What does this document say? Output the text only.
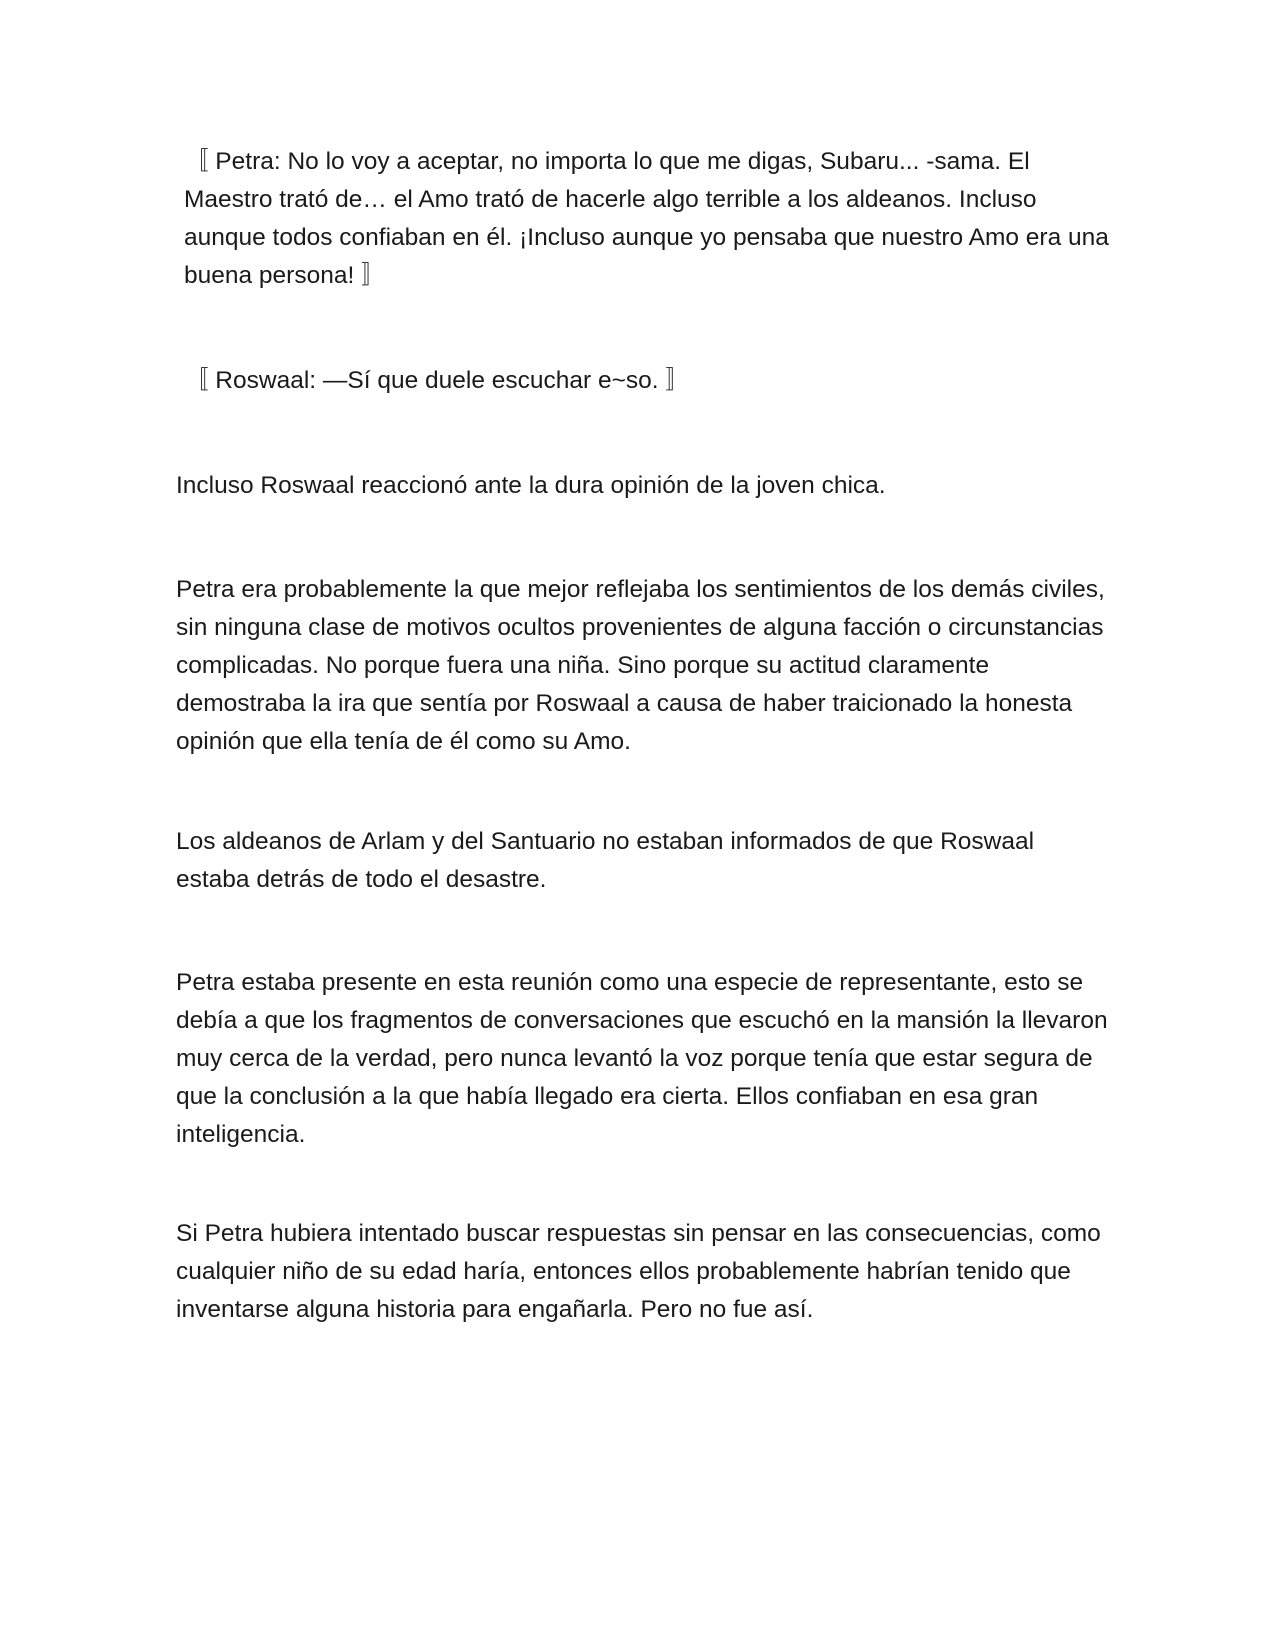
〚 Petra: No lo voy a aceptar, no importa lo que me digas, Subaru... -sama. El Maestro trató de… el Amo trató de hacerle algo terrible a los aldeanos. Incluso aunque todos confiaban en él. ¡Incluso aunque yo pensaba que nuestro Amo era una buena persona! 〛

〚 Roswaal: —Sí que duele escuchar e~so. 〛

Incluso Roswaal reaccionó ante la dura opinión de la joven chica.

Petra era probablemente la que mejor reflejaba los sentimientos de los demás civiles, sin ninguna clase de motivos ocultos provenientes de alguna facción o circunstancias complicadas. No porque fuera una niña. Sino porque su actitud claramente demostraba la ira que sentía por Roswaal a causa de haber traicionado la honesta opinión que ella tenía de él como su Amo.

Los aldeanos de Arlam y del Santuario no estaban informados de que Roswaal estaba detrás de todo el desastre.

Petra estaba presente en esta reunión como una especie de representante, esto se debía a que los fragmentos de conversaciones que escuchó en la mansión la llevaron muy cerca de la verdad, pero nunca levantó la voz porque tenía que estar segura de que la conclusión a la que había llegado era cierta. Ellos confiaban en esa gran inteligencia.

Si Petra hubiera intentado buscar respuestas sin pensar en las consecuencias, como cualquier niño de su edad haría, entonces ellos probablemente habrían tenido que inventarse alguna historia para engañarla. Pero no fue así.
